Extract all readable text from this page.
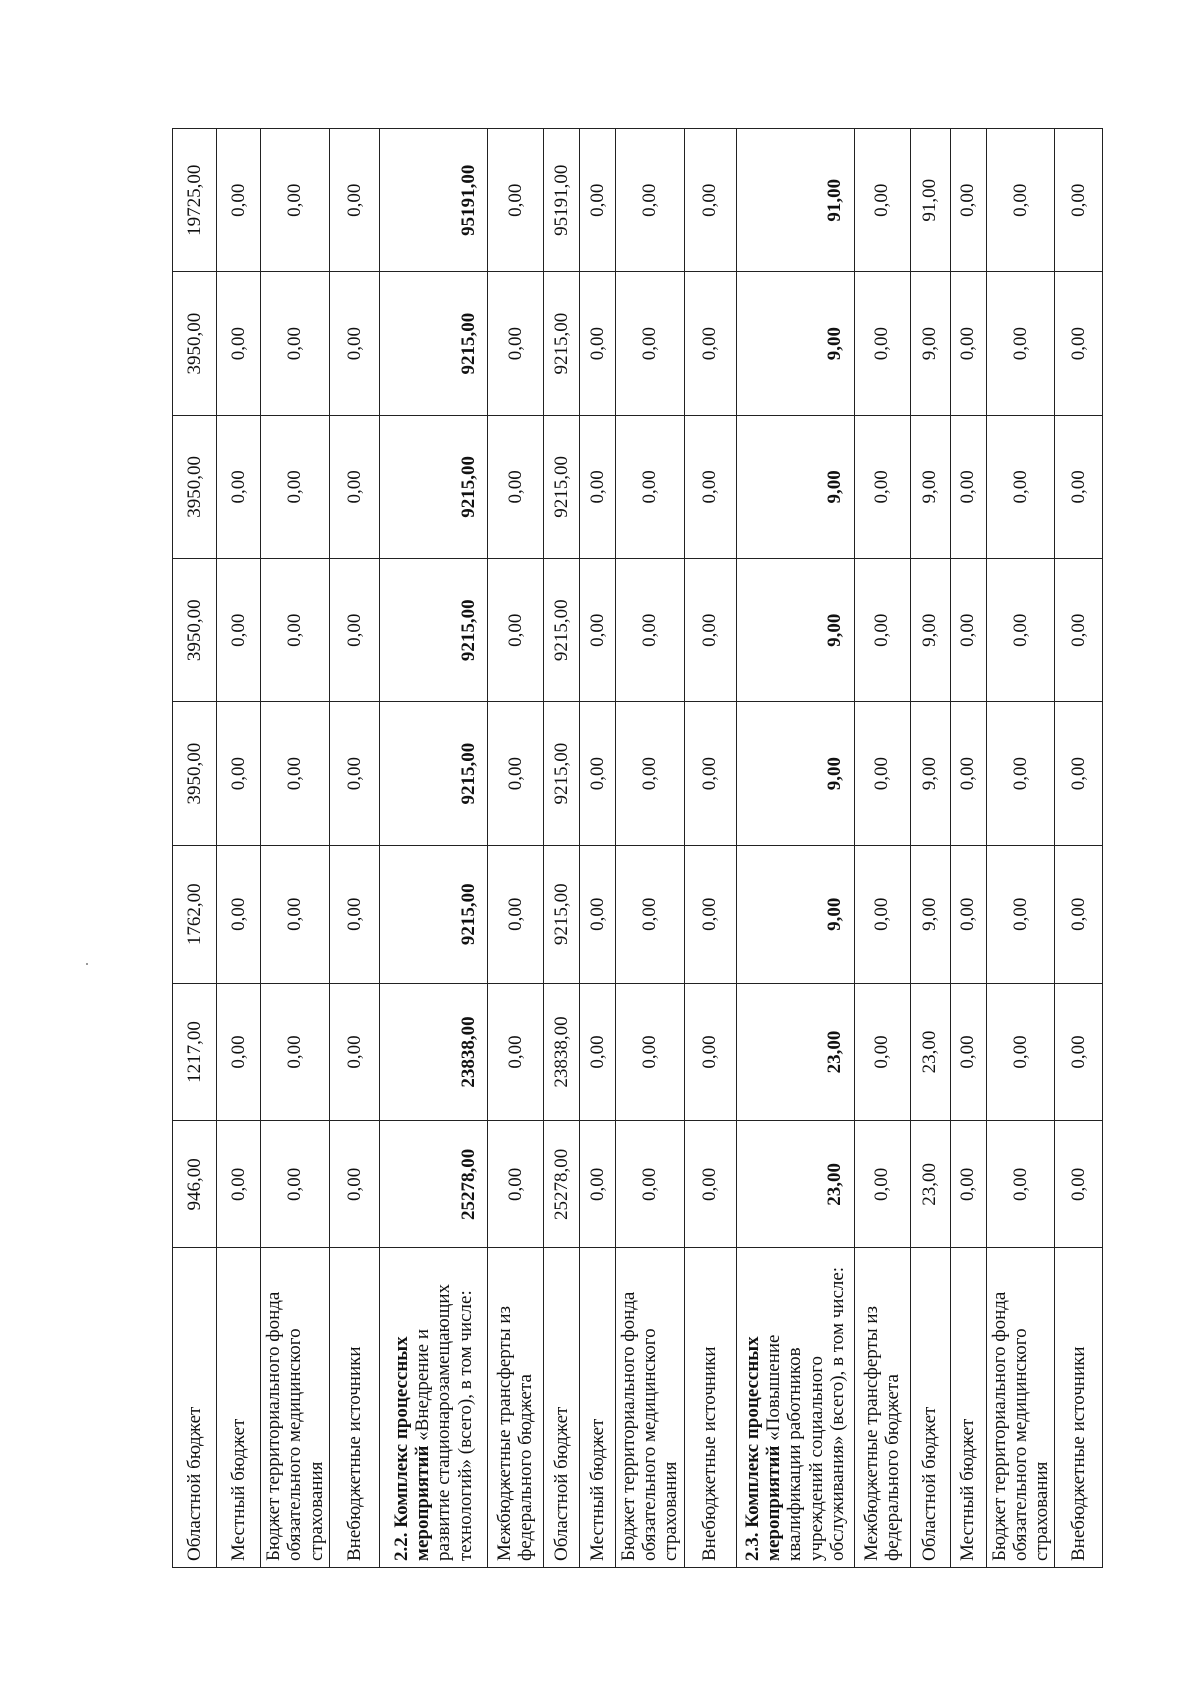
Областной бюджет	946,00	1217,00	1762,00	3950,00	3950,00	3950,00	3950,00	19725,00
Местный бюджет	0,00	0,00	0,00	0,00	0,00	0,00	0,00	0,00
Бюджет территориального фонда обязательного медицинского страхования	0,00	0,00	0,00	0,00	0,00	0,00	0,00	0,00
Внебюджетные источники	0,00	0,00	0,00	0,00	0,00	0,00	0,00	0,00
2.2. Комплекс процессных мероприятий «Внедрение и развитие стационарозамещающих технологий» (всего), в том числе:	25278,00	23838,00	9215,00	9215,00	9215,00	9215,00	9215,00	95191,00
Межбюджетные трансферты из федерального бюджета	0,00	0,00	0,00	0,00	0,00	0,00	0,00	0,00
Областной бюджет	25278,00	23838,00	9215,00	9215,00	9215,00	9215,00	9215,00	95191,00
Местный бюджет	0,00	0,00	0,00	0,00	0,00	0,00	0,00	0,00
Бюджет территориального фонда обязательного медицинского страхования	0,00	0,00	0,00	0,00	0,00	0,00	0,00	0,00
Внебюджетные источники	0,00	0,00	0,00	0,00	0,00	0,00	0,00	0,00
2.3. Комплекс процессных мероприятий «Повышение квалификации работников учреждений социального обслуживания» (всего), в том числе:	23,00	23,00	9,00	9,00	9,00	9,00	9,00	91,00
Межбюджетные трансферты из федерального бюджета	0,00	0,00	0,00	0,00	0,00	0,00	0,00	0,00
Областной бюджет	23,00	23,00	9,00	9,00	9,00	9,00	9,00	91,00
Местный бюджет	0,00	0,00	0,00	0,00	0,00	0,00	0,00	0,00
Бюджет территориального фонда обязательного медицинского страхования	0,00	0,00	0,00	0,00	0,00	0,00	0,00	0,00
Внебюджетные источники	0,00	0,00	0,00	0,00	0,00	0,00	0,00	0,00
